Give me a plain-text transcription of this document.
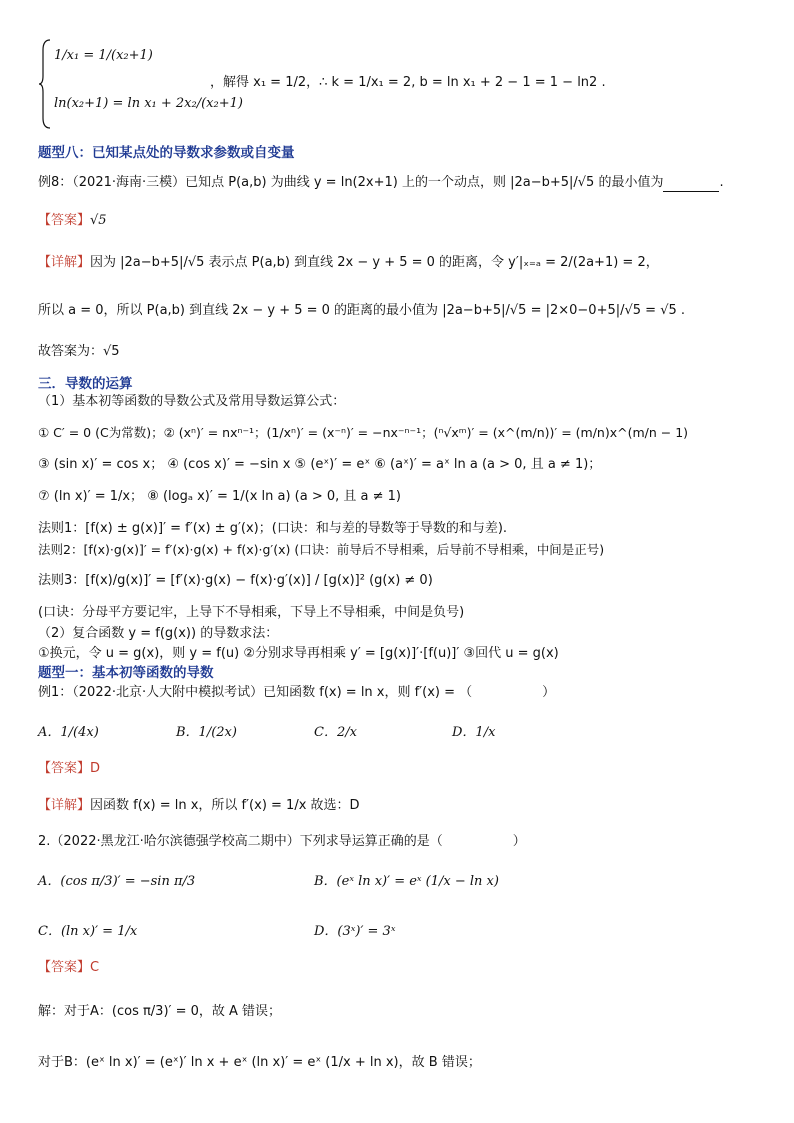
1/x₁ = 1/(x₂+1)
ln(x₂+1) = ln x₁ + 2x₂/(x₂+1)
，解得 x₁ = 1/2，∴ k = 1/x₁ = 2, b = ln x₁ + 2 − 1 = 1 − ln2 .
题型八：已知某点处的导数求参数或自变量
例8：（2021·海南·三模）已知点 P(a,b) 为曲线 y = ln(2x+1) 上的一个动点，则 |2a−b+5|/√5 的最小值为	.
【答案】√5
【详解】因为 |2a−b+5|/√5 表示点 P(a,b) 到直线 2x − y + 5 = 0 的距离，令 y′|ₓ₌ₐ = 2/(2a+1) = 2，
所以 a = 0，所以 P(a,b) 到直线 2x − y + 5 = 0 的距离的最小值为 |2a−b+5|/√5 = |2×0−0+5|/√5 = √5 .
故答案为：√5
三．导数的运算
（1）基本初等函数的导数公式及常用导数运算公式：
① C′ = 0 (C为常数)；② (xⁿ)′ = nxⁿ⁻¹；(1/xⁿ)′ = (x⁻ⁿ)′ = −nx⁻ⁿ⁻¹；(ⁿ√xᵐ)′ = (x^(m/n))′ = (m/n)x^(m/n − 1)
③ (sin x)′ = cos x； ④ (cos x)′ = −sin x ⑤ (eˣ)′ = eˣ ⑥ (aˣ)′ = aˣ ln a (a > 0, 且 a ≠ 1)；
⑦ (ln x)′ = 1/x； ⑧ (logₐ x)′ = 1/(x ln a) (a > 0, 且 a ≠ 1)
法则1：[f(x) ± g(x)]′ = f′(x) ± g′(x)；(口诀：和与差的导数等于导数的和与差).
法则2：[f(x)·g(x)]′ = f′(x)·g(x) + f(x)·g′(x) (口诀：前导后不导相乘，后导前不导相乘，中间是正号)
法则3：[f(x)/g(x)]′ = [f′(x)·g(x) − f(x)·g′(x)] / [g(x)]² (g(x) ≠ 0)
(口诀：分母平方要记牢，上导下不导相乘，下导上不导相乘，中间是负号)
（2）复合函数 y = f(g(x)) 的导数求法：
①换元，令 u = g(x)，则 y = f(u) ②分别求导再相乘 y′ = [g(x)]′·[f(u)]′ ③回代 u = g(x)
题型一：基本初等函数的导数
例1：（2022·北京·人大附中模拟考试）已知函数 f(x) = ln x，则 f′(x) = （	）
A．1/(4x)	B．1/(2x)	C．2/x	D．1/x
【答案】D
【详解】因函数 f(x) = ln x，所以 f′(x) = 1/x 故选：D
2.（2022·黑龙江·哈尔滨德强学校高二期中）下列求导运算正确的是（	）
A．(cos π/3)′ = −sin π/3	B．(eˣ ln x)′ = eˣ (1/x − ln x)
C．(ln x)′ = 1/x	D．(3ˣ)′ = 3ˣ
【答案】C
解：对于A：(cos π/3)′ = 0，故 A 错误；
对于B：(eˣ ln x)′ = (eˣ)′ ln x + eˣ (ln x)′ = eˣ (1/x + ln x)，故 B 错误；
